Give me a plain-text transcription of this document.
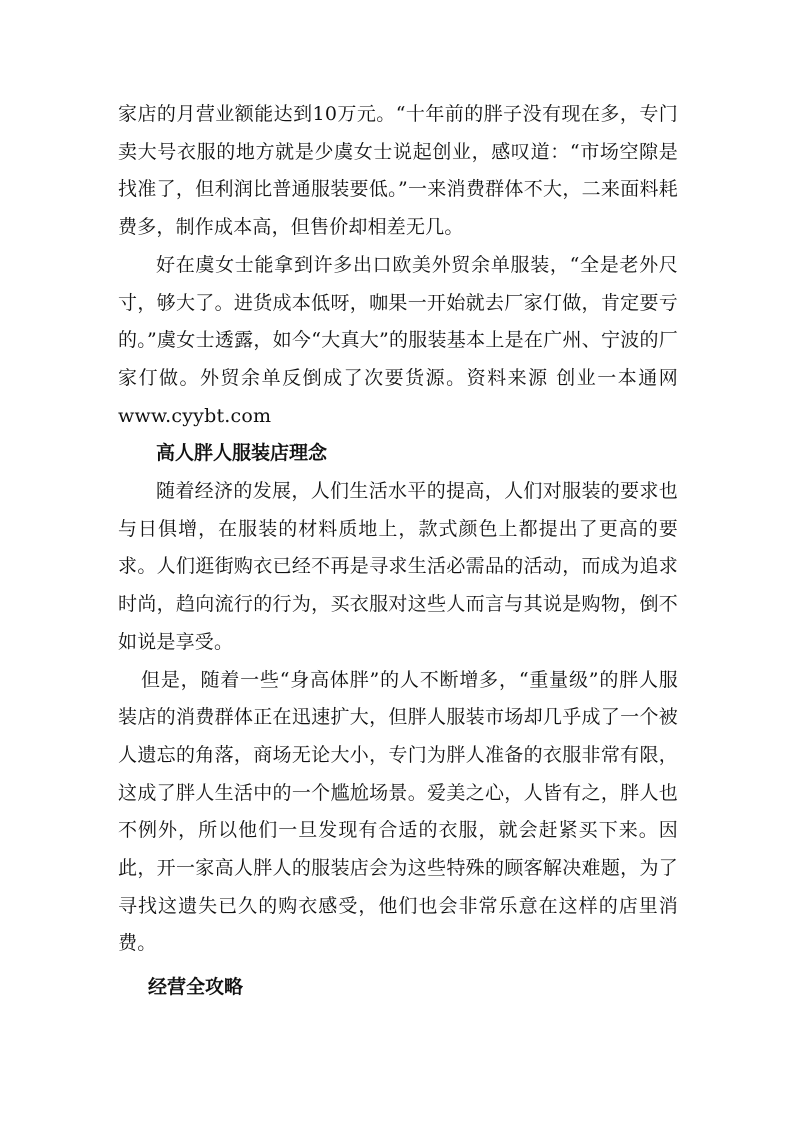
家店的月营业额能达到10万元。“十年前的胖子没有现在多，专门卖大号衣服的地方就是少虞女士说起创业，感叹道：“市场空隙是找准了，但利润比普通服装要低。”一来消费群体不大，二来面料耗费多，制作成本高，但售价却相差无几。

好在虞女士能拿到许多出口欧美外贸余单服装，“全是老外尺寸，够大了。进货成本低呀，咖果一开始就去厂家仃做，肯定要亏的。”虞女士透露，如今“大真大”的服装基本上是在广州、宁波的厂家仃做。外贸余单反倒成了次要货源。资料来源 创业一本通网 www.cyybt.com

高人胖人服装店理念

随着经济的发展，人们生活水平的提高，人们对服装的要求也与日俱增，在服装的材料质地上，款式颜色上都提出了更高的要求。人们逛街购衣已经不再是寻求生活必需品的活动，而成为追求时尚，趋向流行的行为，买衣服对这些人而言与其说是购物，倒不如说是享受。

但是，随着一些“身高体胖”的人不断增多，“重量级”的胖人服装店的消费群体正在迅速扩大，但胖人服装市场却几乎成了一个被人遗忘的角落，商场无论大小，专门为胖人准备的衣服非常有限，这成了胖人生活中的一个尴尬场景。爱美之心，人皆有之，胖人也不例外，所以他们一旦发现有合适的衣服，就会赶紧买下来。因此，开一家高人胖人的服装店会为这些特殊的顾客解决难题，为了寻找这遗失已久的购衣感受，他们也会非常乐意在这样的店里消费。

经营全攻略
